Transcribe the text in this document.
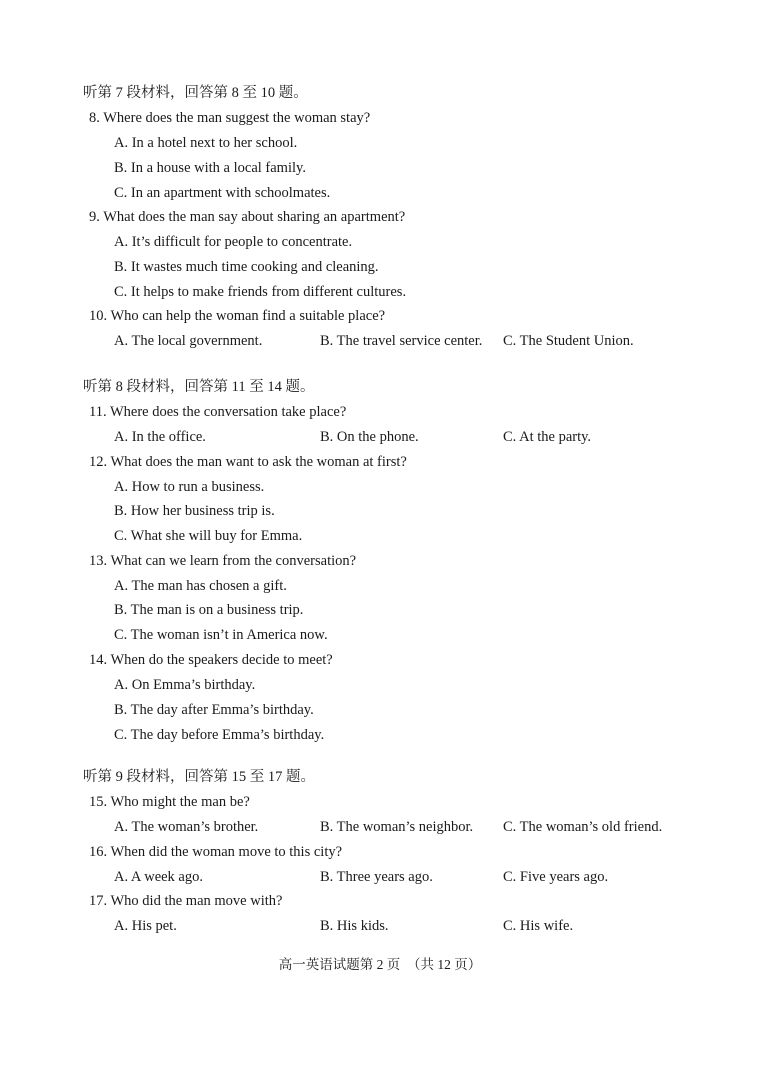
听第 7 段材料，回答第 8 至 10 题。
8. Where does the man suggest the woman stay?
A. In a hotel next to her school.
B. In a house with a local family.
C. In an apartment with schoolmates.
9. What does the man say about sharing an apartment?
A. It’s difficult for people to concentrate.
B. It wastes much time cooking and cleaning.
C. It helps to make friends from different cultures.
10. Who can help the woman find a suitable place?
A. The local government.	B. The travel service center. C. The Student Union.
听第 8 段材料，回答第 11 至 14 题。
11. Where does the conversation take place?
A. In the office.	B. On the phone.	C. At the party.
12. What does the man want to ask the woman at first?
A. How to run a business.
B. How her business trip is.
C. What she will buy for Emma.
13. What can we learn from the conversation?
A. The man has chosen a gift.
B. The man is on a business trip.
C. The woman isn’t in America now.
14. When do the speakers decide to meet?
A. On Emma’s birthday.
B. The day after Emma’s birthday.
C. The day before Emma’s birthday.
听第 9 段材料，回答第 15 至 17 题。
15. Who might the man be?
A. The woman’s brother.	B. The woman’s neighbor. C. The woman’s old friend.
16. When did the woman move to this city?
A. A week ago.	B. Three years ago.	C. Five years ago.
17. Who did the man move with?
A. His pet.	B. His kids.	C. His wife.
高一英语试题第 2 页　（共 12 页）
